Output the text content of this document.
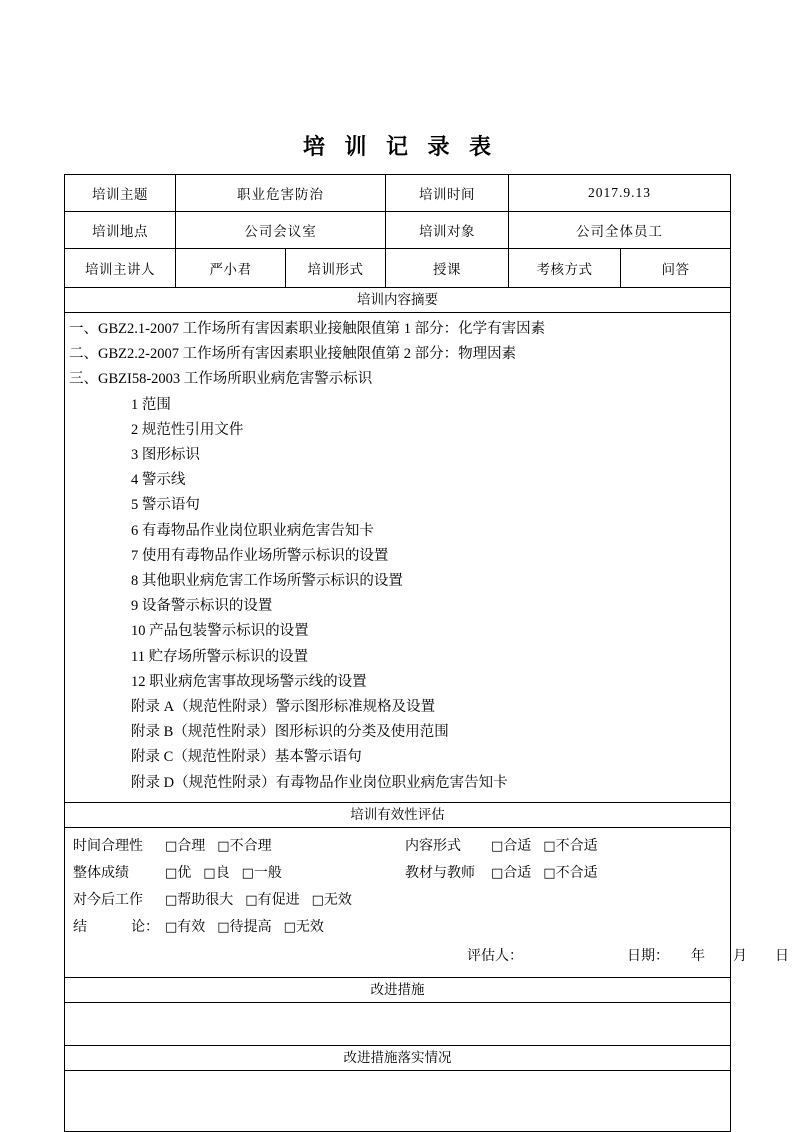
培 训 记 录 表
培训主题	职业危害防治		培训时间	2017.9.13	
培训地点	公司会议室		培训对象	公司全体员工	
培训主讲人	严小君	培训形式	授课	考核方式	问答
培训内容摘要					

一、GBZ2.1-2007 工作场所有害因素职业接触限值第 1 部分：化学有害因素
二、GBZ2.2-2007 工作场所有害因素职业接触限值第 2 部分：物理因素
三、GBZI58-2003 工作场所职业病危害警示标识
1 范围
2 规范性引用文件
3 图形标识
4 警示线
5 警示语句
6 有毒物品作业岗位职业病危害告知卡
7 使用有毒物品作业场所警示标识的设置
8 其他职业病危害工作场所警示标识的设置
9 设备警示标识的设置
10 产品包装警示标识的设置
11 贮存场所警示标识的设置
12 职业病危害事故现场警示线的设置
附录 A（规范性附录）警示图形标准规格及设置
附录 B（规范性附录）图形标识的分类及使用范围
附录 C（规范性附录）基本警示语句
附录 D（规范性附录）有毒物品作业岗位职业病危害告知卡

培训有效性评估					

时间合理性 □合理 □不合理	内容形式 □合适 □不合适
整体成绩	□优 □良 □一般	教材与教师 □合适 □不合适
对今后工作 □帮助很大 □有促进 □无效
结	论： □有效 □待提高 □无效
评估人：	日期： 年 月 日

改进措施					

改进措施落实情况					
